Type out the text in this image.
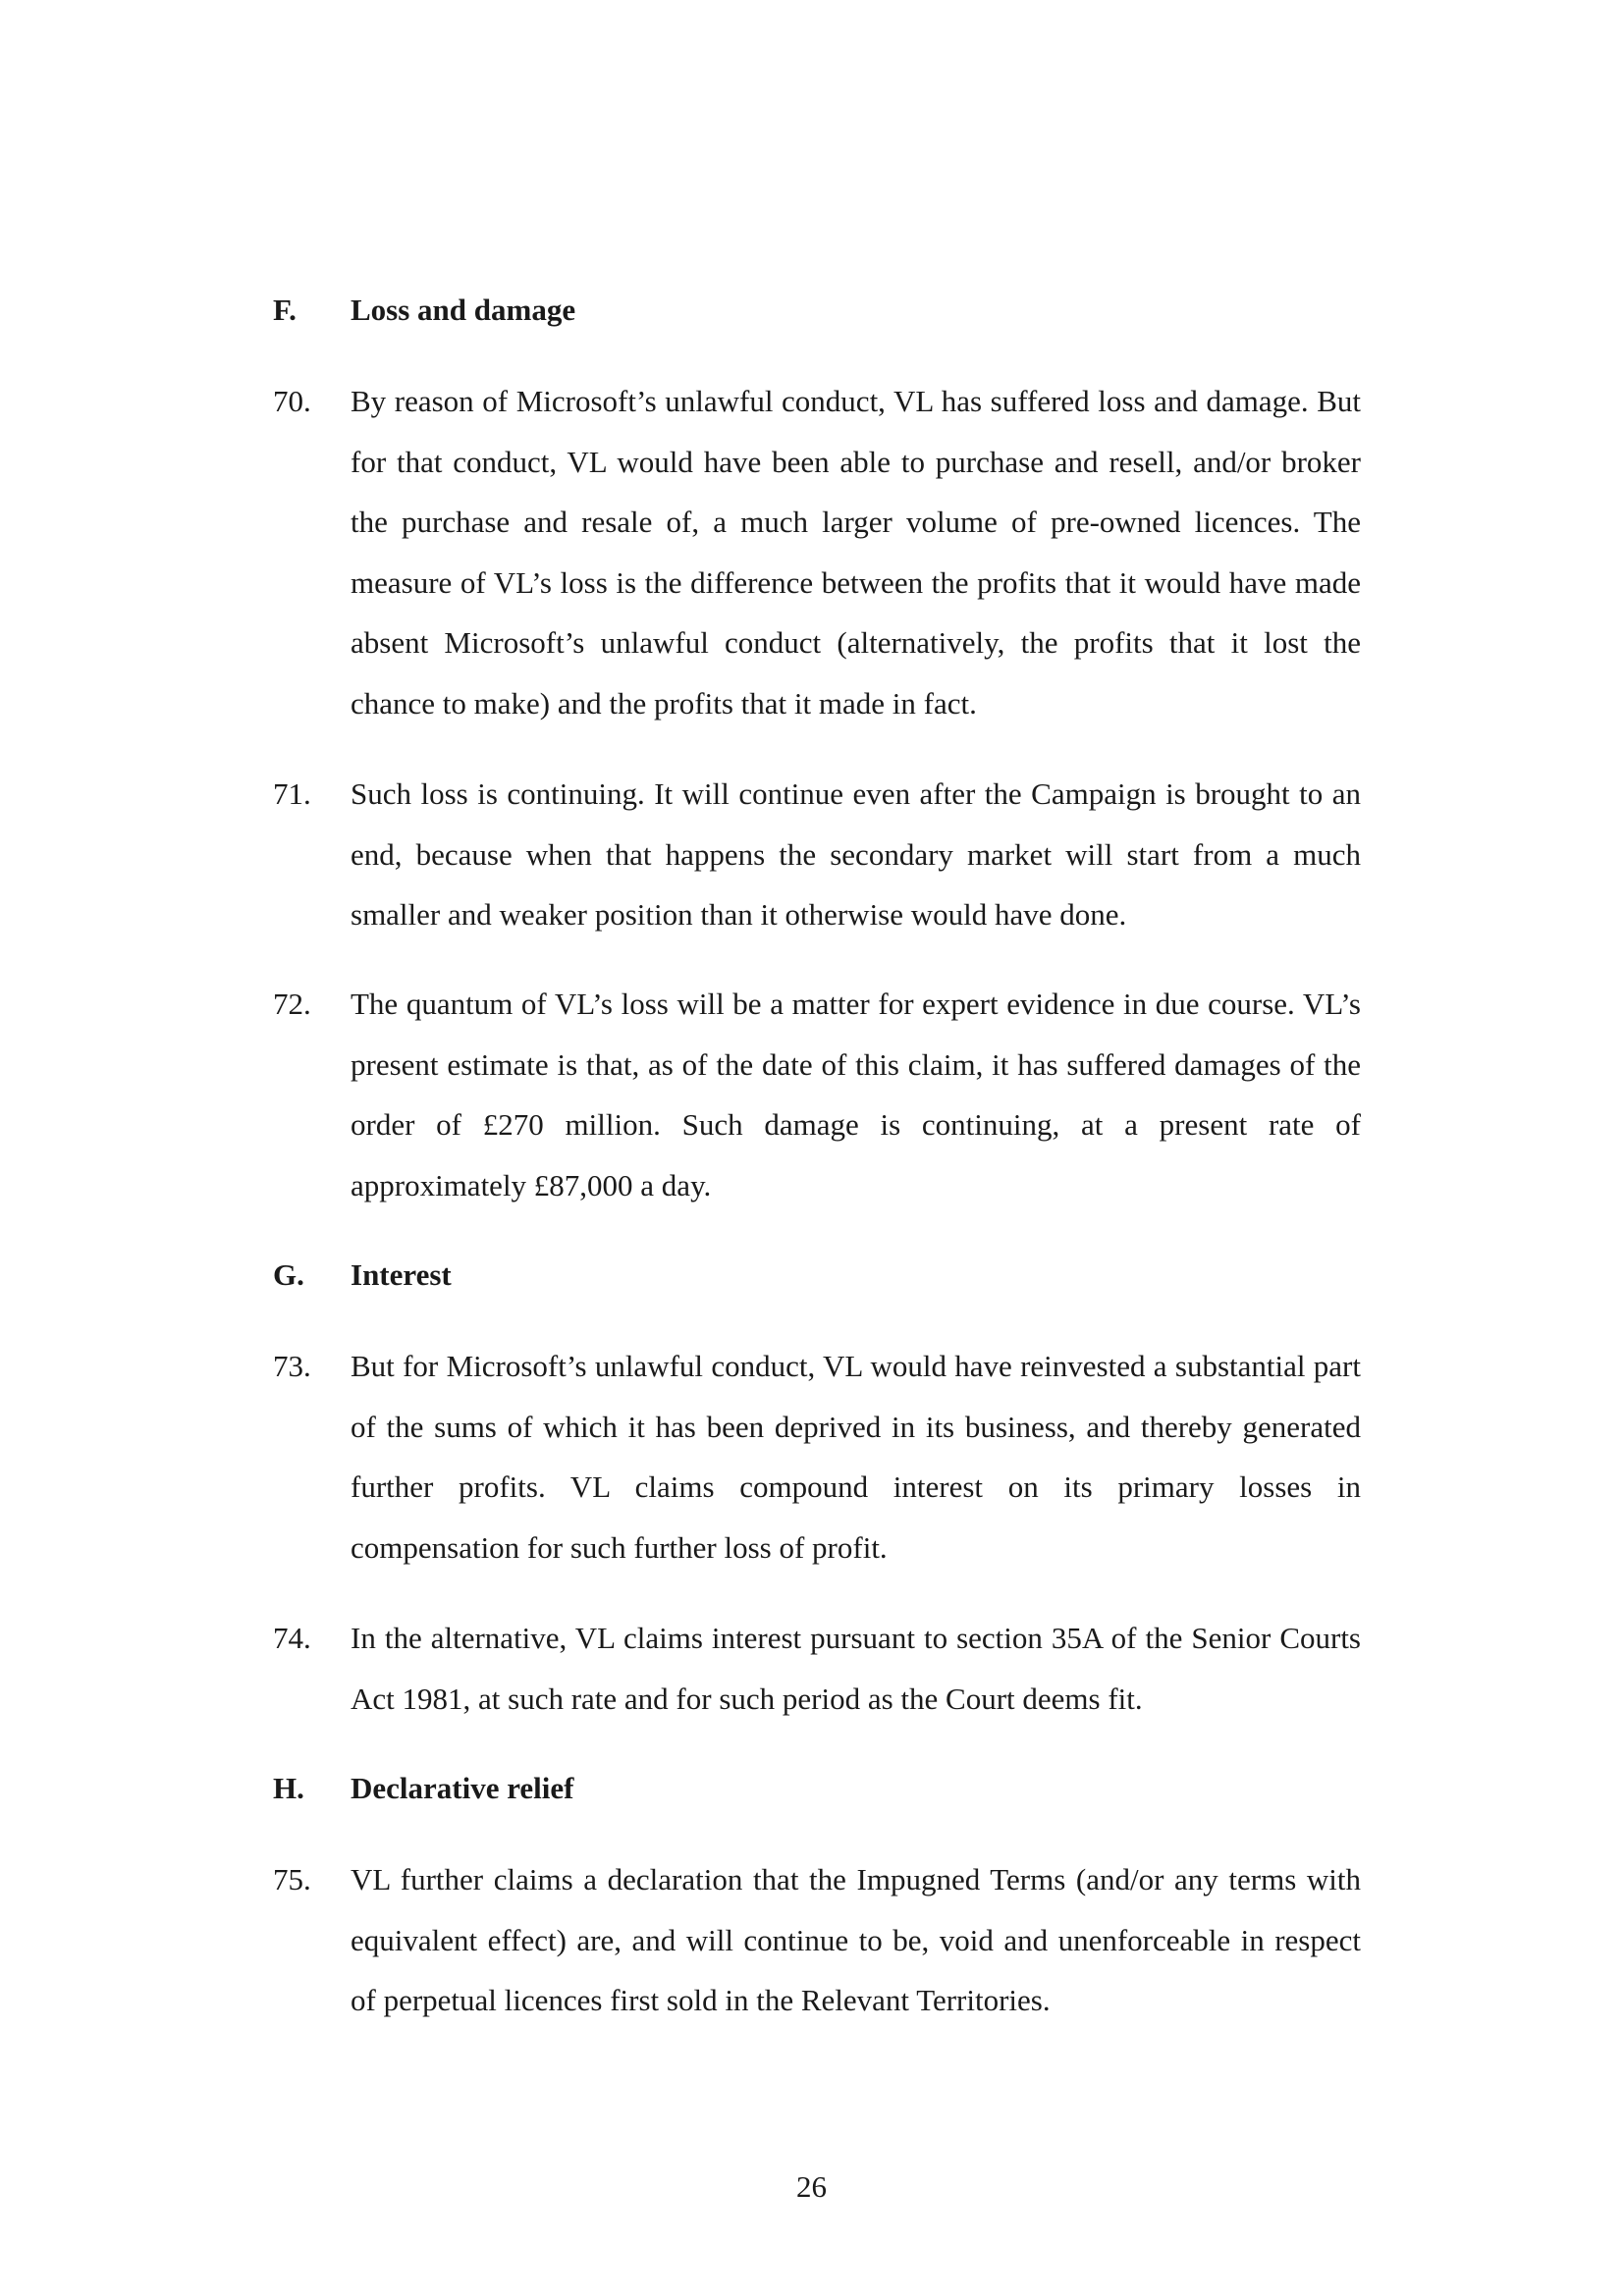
F. Loss and damage
70. By reason of Microsoft’s unlawful conduct, VL has suffered loss and damage. But for that conduct, VL would have been able to purchase and resell, and/or broker the purchase and resale of, a much larger volume of pre-owned licences. The measure of VL’s loss is the difference between the profits that it would have made absent Microsoft’s unlawful conduct (alternatively, the profits that it lost the chance to make) and the profits that it made in fact.
71. Such loss is continuing. It will continue even after the Campaign is brought to an end, because when that happens the secondary market will start from a much smaller and weaker position than it otherwise would have done.
72. The quantum of VL’s loss will be a matter for expert evidence in due course. VL’s present estimate is that, as of the date of this claim, it has suffered damages of the order of £270 million. Such damage is continuing, at a present rate of approximately £87,000 a day.
G. Interest
73. But for Microsoft’s unlawful conduct, VL would have reinvested a substantial part of the sums of which it has been deprived in its business, and thereby generated further profits. VL claims compound interest on its primary losses in compensation for such further loss of profit.
74. In the alternative, VL claims interest pursuant to section 35A of the Senior Courts Act 1981, at such rate and for such period as the Court deems fit.
H. Declarative relief
75. VL further claims a declaration that the Impugned Terms (and/or any terms with equivalent effect) are, and will continue to be, void and unenforceable in respect of perpetual licences first sold in the Relevant Territories.
26
